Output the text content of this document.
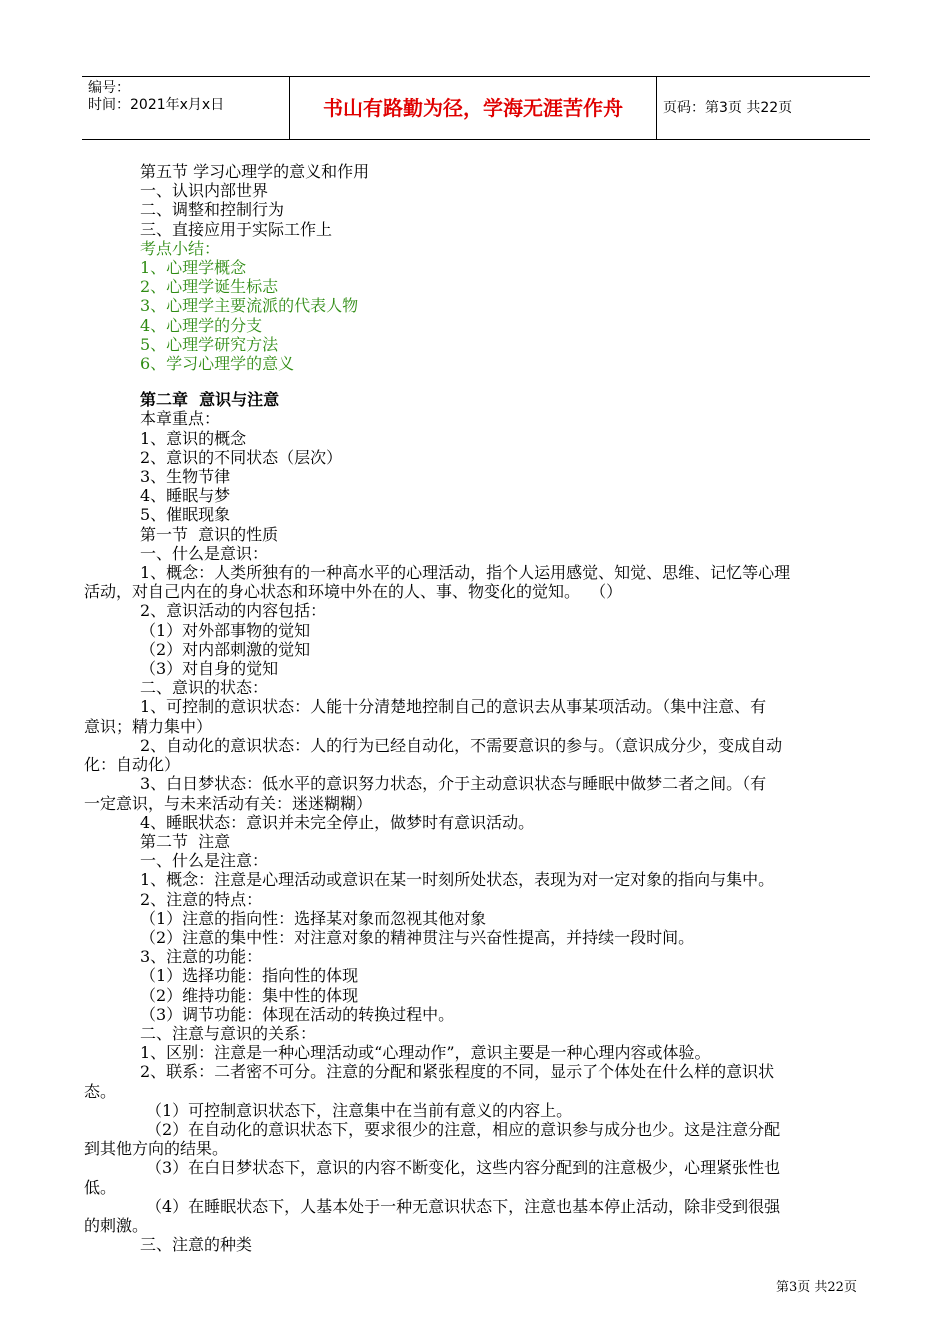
编号：
时间：2021年x月x日	书山有路勤为径，学海无涯苦作舟	页码：第3页 共22页
第五节 学习心理学的意义和作用
一、认识内部世界
二、调整和控制行为
三、直接应用于实际工作上
考点小结：
1、心理学概念
2、心理学诞生标志
3、心理学主要流派的代表人物
4、心理学的分支
5、心理学研究方法
6、学习心理学的意义
第二章  意识与注意
本章重点：
1、意识的概念
2、意识的不同状态（层次）
3、生物节律
4、睡眠与梦
5、催眠现象
第一节  意识的性质
一、什么是意识：
1、概念：人类所独有的一种高水平的心理活动，指个人运用感觉、知觉、思维、记忆等心理
活动，对自己内在的身心状态和环境中外在的人、事、物变化的觉知。  （）
2、意识活动的内容包括：
（1）对外部事物的觉知
（2）对内部刺激的觉知
（3）对自身的觉知
二、意识的状态：
1、可控制的意识状态：人能十分清楚地控制自己的意识去从事某项活动。（集中注意、有
意识；精力集中）
2、自动化的意识状态：人的行为已经自动化，不需要意识的参与。（意识成分少，变成自动
化：自动化）
3、白日梦状态：低水平的意识努力状态，介于主动意识状态与睡眠中做梦二者之间。（有
一定意识，与未来活动有关：迷迷糊糊）
4、睡眠状态：意识并未完全停止，做梦时有意识活动。
第二节  注意
一、什么是注意：
1、概念：注意是心理活动或意识在某一时刻所处状态，表现为对一定对象的指向与集中。
2、注意的特点：
（1）注意的指向性：选择某对象而忽视其他对象
（2）注意的集中性：对注意对象的精神贯注与兴奋性提高，并持续一段时间。
3、注意的功能：
（1）选择功能：指向性的体现
（2）维持功能：集中性的体现
（3）调节功能：体现在活动的转换过程中。
二、注意与意识的关系：
1、区别：注意是一种心理活动或“心理动作”，意识主要是一种心理内容或体验。
2、联系：二者密不可分。注意的分配和紧张程度的不同，显示了个体处在什么样的意识状
态。
（1）可控制意识状态下，注意集中在当前有意义的内容上。
（2）在自动化的意识状态下，要求很少的注意，相应的意识参与成分也少。这是注意分配
到其他方向的结果。
（3）在白日梦状态下，意识的内容不断变化，这些内容分配到的注意极少，心理紧张性也
低。
（4）在睡眠状态下，人基本处于一种无意识状态下，注意也基本停止活动，除非受到很强
的刺激。
三、注意的种类
第3页 共22页
